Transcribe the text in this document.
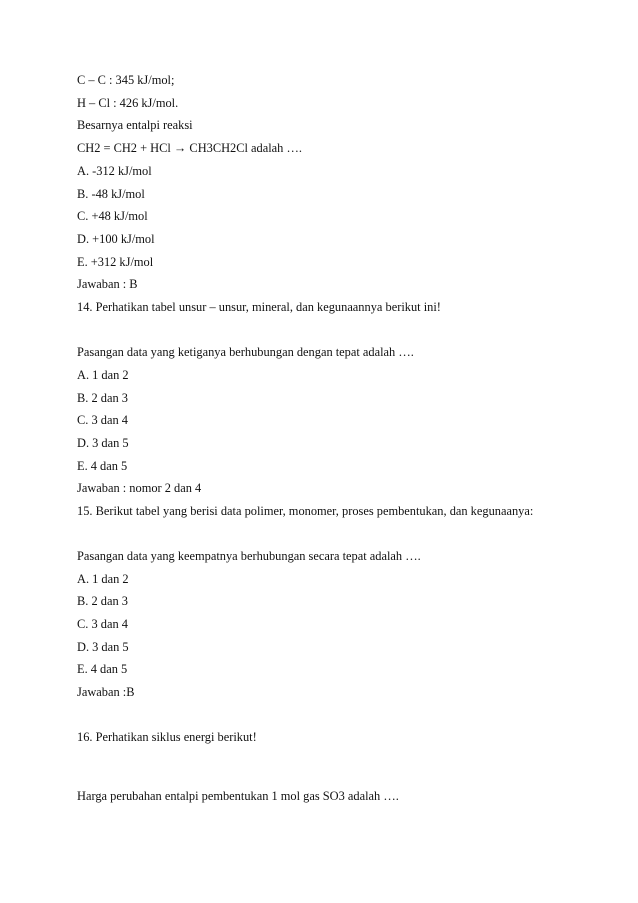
C – C : 345 kJ/mol;
H – Cl : 426 kJ/mol.
Besarnya entalpi reaksi
CH2 = CH2 + HCl → CH3CH2Cl adalah ….
A. -312 kJ/mol
B. -48 kJ/mol
C. +48 kJ/mol
D. +100 kJ/mol
E. +312 kJ/mol
Jawaban : B
14. Perhatikan tabel unsur – unsur, mineral, dan kegunaannya berikut ini!
Pasangan data yang ketiganya berhubungan dengan tepat adalah ….
A. 1 dan 2
B. 2 dan 3
C. 3 dan 4
D. 3 dan 5
E. 4 dan 5
Jawaban : nomor 2 dan 4
15. Berikut tabel yang berisi data polimer, monomer, proses pembentukan, dan kegunaanya:
Pasangan data yang keempatnya berhubungan secara tepat adalah ….
A. 1 dan 2
B. 2 dan 3
C. 3 dan 4
D. 3 dan 5
E. 4 dan 5
Jawaban :B
16. Perhatikan siklus energi berikut!
Harga perubahan entalpi pembentukan 1 mol gas SO3 adalah ….
